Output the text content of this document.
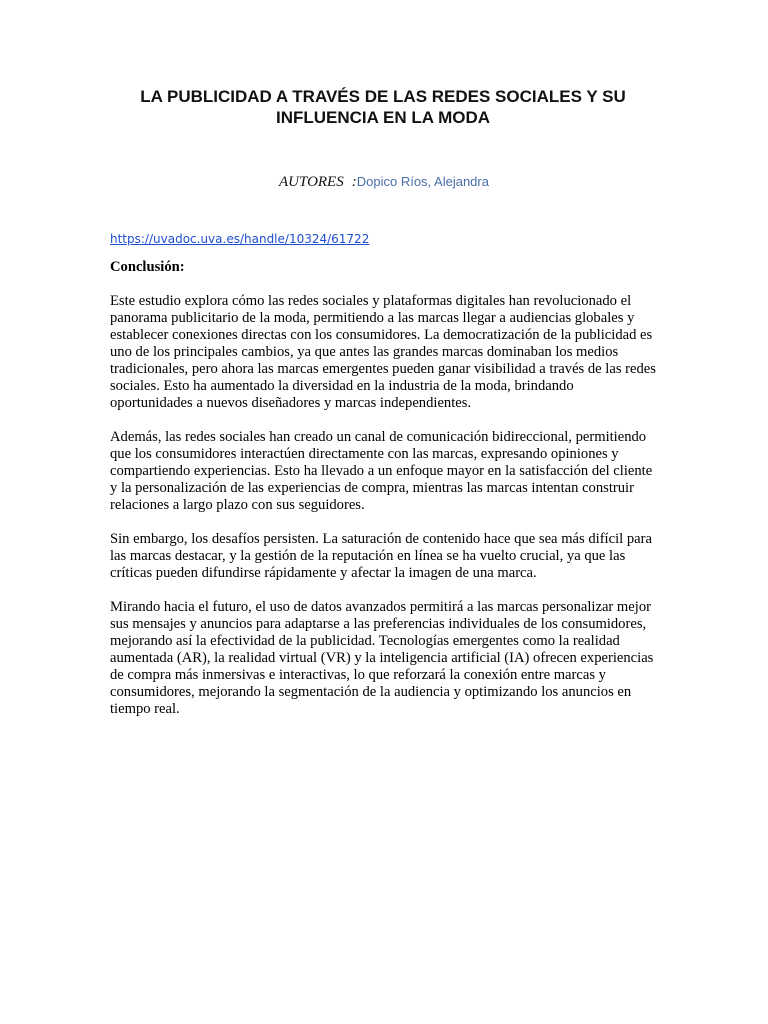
LA PUBLICIDAD A TRAVÉS DE LAS REDES SOCIALES Y SU INFLUENCIA EN LA MODA
AUTORES :Dopico Ríos, Alejandra
https://uvadoc.uva.es/handle/10324/61722

Conclusión:

Este estudio explora cómo las redes sociales y plataformas digitales han revolucionado el panorama publicitario de la moda, permitiendo a las marcas llegar a audiencias globales y establecer conexiones directas con los consumidores. La democratización de la publicidad es uno de los principales cambios, ya que antes las grandes marcas dominaban los medios tradicionales, pero ahora las marcas emergentes pueden ganar visibilidad a través de las redes sociales. Esto ha aumentado la diversidad en la industria de la moda, brindando oportunidades a nuevos diseñadores y marcas independientes.

Además, las redes sociales han creado un canal de comunicación bidireccional, permitiendo que los consumidores interactúen directamente con las marcas, expresando opiniones y compartiendo experiencias. Esto ha llevado a un enfoque mayor en la satisfacción del cliente y la personalización de las experiencias de compra, mientras las marcas intentan construir relaciones a largo plazo con sus seguidores.

Sin embargo, los desafíos persisten. La saturación de contenido hace que sea más difícil para las marcas destacar, y la gestión de la reputación en línea se ha vuelto crucial, ya que las críticas pueden difundirse rápidamente y afectar la imagen de una marca.

Mirando hacia el futuro, el uso de datos avanzados permitirá a las marcas personalizar mejor sus mensajes y anuncios para adaptarse a las preferencias individuales de los consumidores, mejorando así la efectividad de la publicidad. Tecnologías emergentes como la realidad aumentada (AR), la realidad virtual (VR) y la inteligencia artificial (IA) ofrecen experiencias de compra más inmersivas e interactivas, lo que reforzará la conexión entre marcas y consumidores, mejorando la segmentación de la audiencia y optimizando los anuncios en tiempo real.
